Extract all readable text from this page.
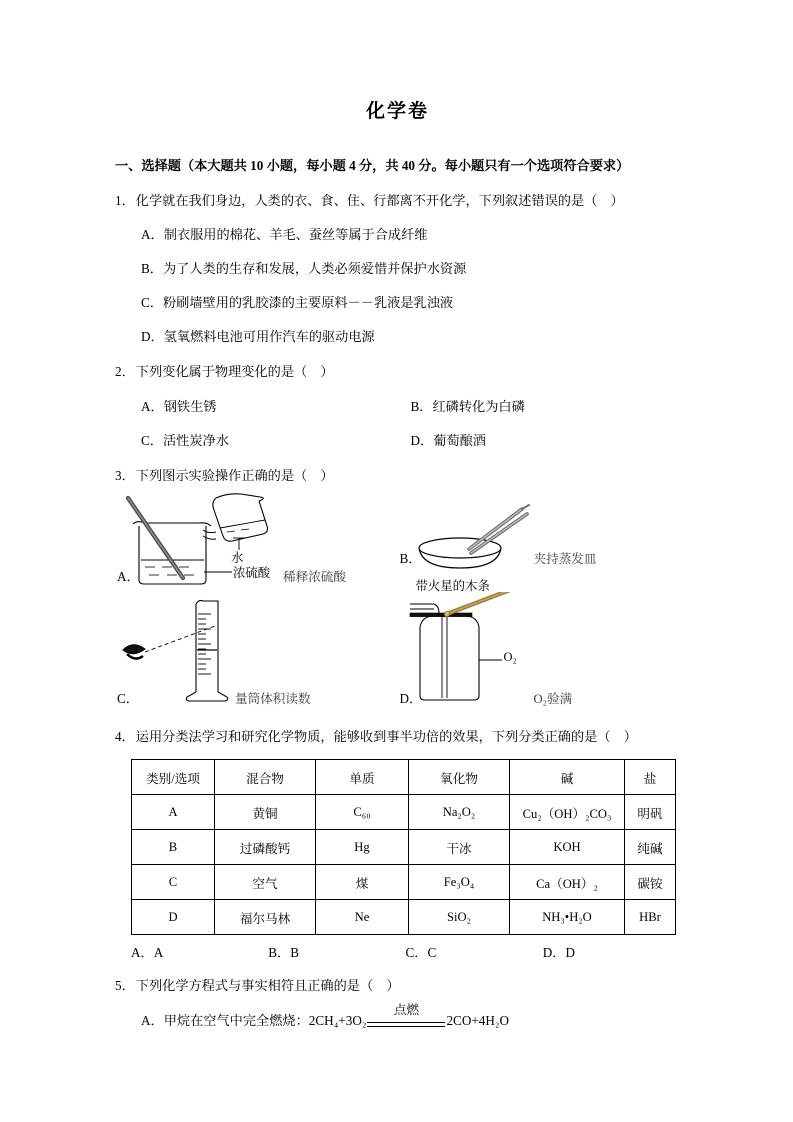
化学卷
一、选择题（本大题共 10 小题，每小题 4 分，共 40 分。每小题只有一个选项符合要求）
1．化学就在我们身边，人类的衣、食、住、行都离不开化学，下列叙述错误的是（ ）
A．制衣服用的棉花、羊毛、蚕丝等属于合成纤维
B．为了人类的生存和发展，人类必须爱惜并保护水资源
C．粉刷墙壁用的乳胶漆的主要原料－－乳液是乳浊液
D．氢氧燃料电池可用作汽车的驱动电源
2．下列变化属于物理变化的是（ ）
A．钢铁生锈	B．红磷转化为白磷
C．活性炭净水	D．葡萄酿酒
3．下列图示实验操作正确的是（ ）
A．
水
浓硫酸 稀释浓硫酸
B．	夹持蒸发皿
C．	量筒体积读数
带火星的木条
D．
O₂
O₂验满
4．运用分类法学习和研究化学物质，能够收到事半功倍的效果，下列分类正确的是（ ）
类别/选项	混合物	单质	氧化物	碱	盐
A	黄铜	C₆₀	Na₂O₂	Cu₂（OH）₂CO₃	明矾
B	过磷酸钙	Hg	干冰	KOH	纯碱
C	空气	煤	Fe₃O₄	Ca（OH）₂	碳铵
D	福尔马林	Ne	SiO₂	NH₃•H₂O	HBr
A．A	B．B	C．C	D．D
5．下列化学方程式与事实相符且正确的是（ ）
A． 甲烷在空气中完全燃烧： 2CH₄+3O₂
点燃
2CO+4H₂O
